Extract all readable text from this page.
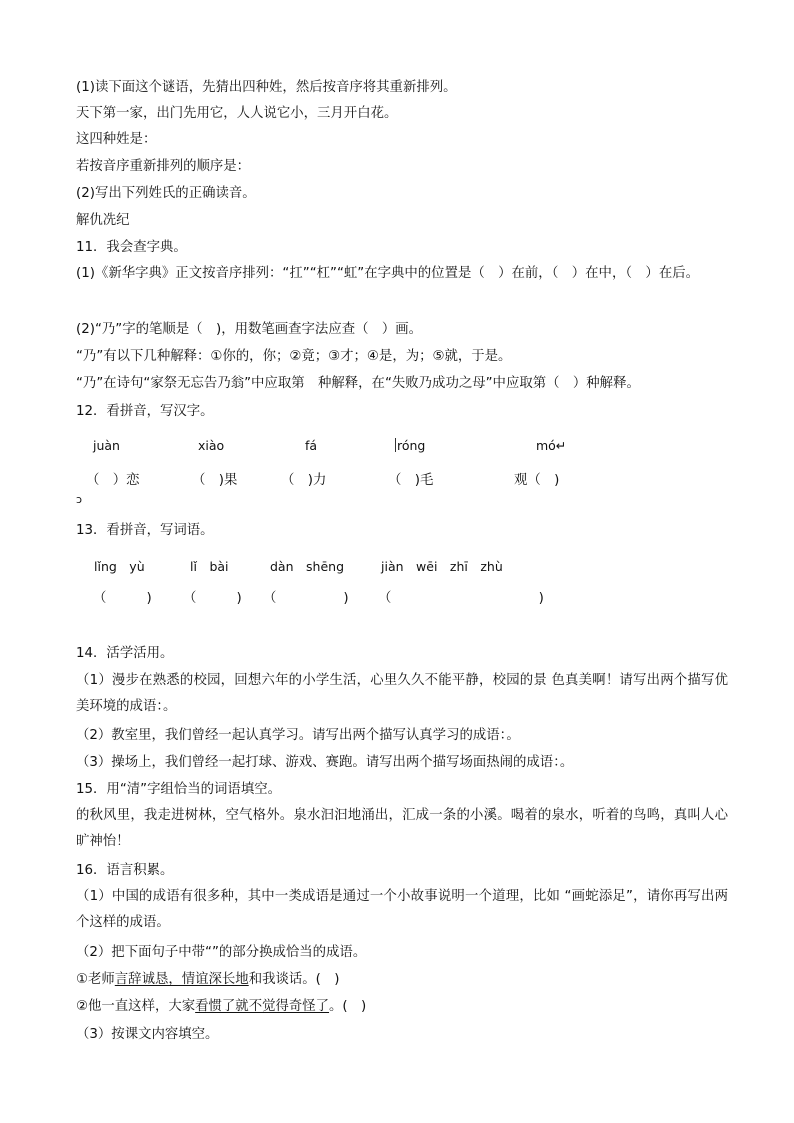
(1)读下面这个谜语，先猜出四种姓，然后按音序将其重新排列。
天下第一家，出门先用它，人人说它小，三月开白花。
这四种姓是：
若按音序重新排列的顺序是：
(2)写出下列姓氏的正确读音。
解仇冼纪
11．我会查字典。
(1)《新华字典》正文按音序排列：“扛”“杠”“虹”在字典中的位置是（　）在前，（　）在中，（　）在后。
(2)“乃”字的笔顺是（　)，用数笔画查字法应查（　）画。
“乃”有以下几种解释：①你的，你；②竟；③才；④是，为；⑤就，于是。
“乃”在诗句“家祭无忘告乃翁”中应取第　种解释，在“失败乃成功之母”中应取第（　）种解释。
12．看拼音，写汉字。
juàn	xiào	fá	róng	mó↵
（　）恋	（　)果	（　)力	（　)毛	观（　)
ↄ
13．看拼音，写词语。
lǐng　yù	lǐ　bài	dàn　shēng	jiàn　wēi　zhī　zhù
（　　　) （　　　) （　　　　　) （　　　　　　　　　　　)
14．活学活用。
（1）漫步在熟悉的校园，回想六年的小学生活，心里久久不能平静，校园的景 色真美啊！请写出两个描写优美环境的成语：。
（2）教室里，我们曾经一起认真学习。请写出两个描写认真学习的成语：。
（3）操场上，我们曾经一起打球、游戏、赛跑。请写出两个描写场面热闹的成语：。
15．用“清”字组恰当的词语填空。
的秋风里，我走进树林，空气格外。泉水汩汩地涌出，汇成一条的小溪。喝着的泉水，听着的鸟鸣，真叫人心旷神怡！
16．语言积累。
（1）中国的成语有很多种，其中一类成语是通过一个小故事说明一个道理，比如 “画蛇添足”，请你再写出两个这样的成语。
（2）把下面句子中带“”的部分换成恰当的成语。
①老师言辞诚恳，情谊深长地和我谈话。(　)
②他一直这样，大家看惯了就不觉得奇怪了。(　)
（3）按课文内容填空。
